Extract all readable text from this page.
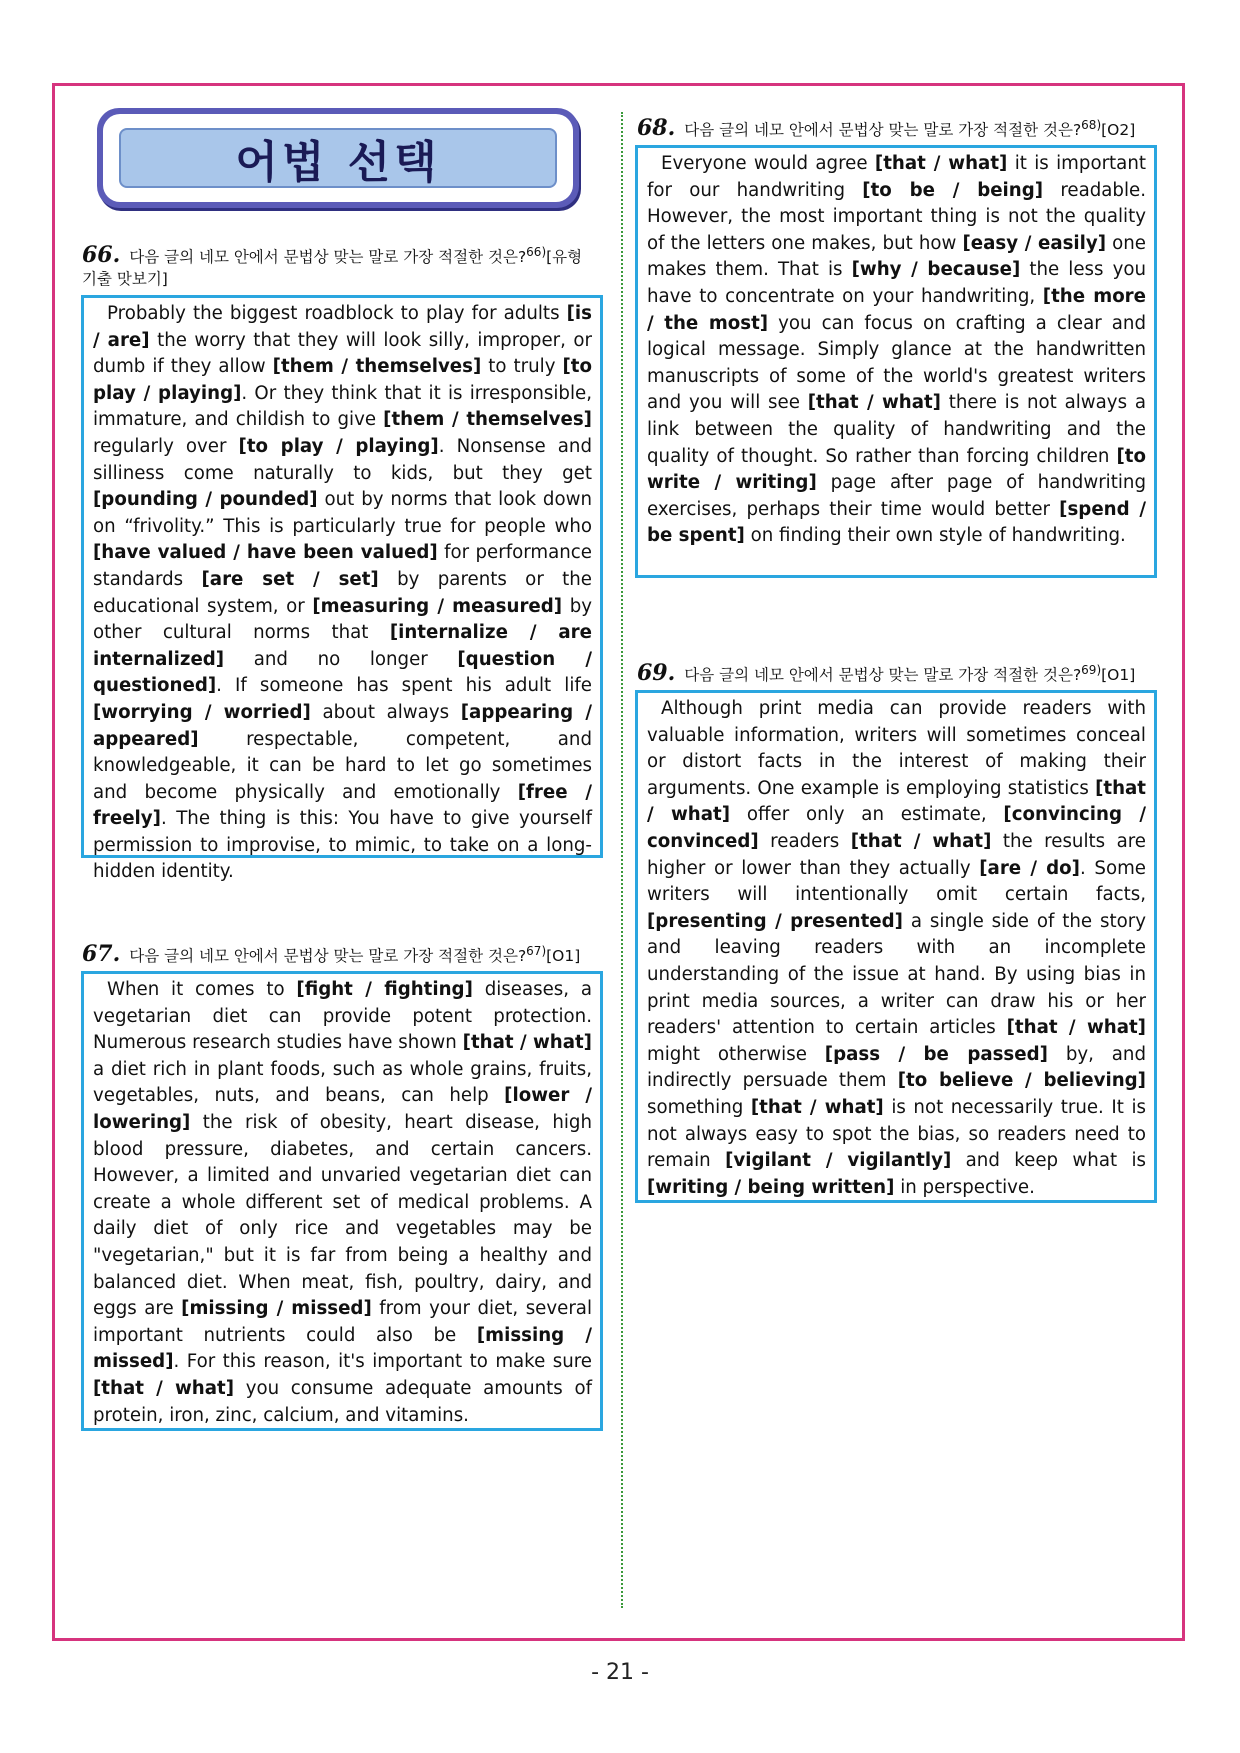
어법 선택
66. 다음 글의 네모 안에서 문법상 맞는 말로 가장 적절한 것은?$^{66)}$[유형 기출 맛보기]

Probably the biggest roadblock to play for adults [is / are] the worry that they will look silly, improper, or dumb if they allow [them / themselves] to truly [to play / playing]. Or they think that it is irresponsible, immature, and childish to give [them / themselves] regularly over [to play / playing]. Nonsense and silliness come naturally to kids, but they get [pounding / pounded] out by norms that look down on “frivolity.” This is particularly true for people who [have valued / have been valued] for performance standards [are set / set] by parents or the educational system, or [measuring / measured] by other cultural norms that [internalize / are internalized] and no longer [question / questioned]. If someone has spent his adult life [worrying / worried] about always [appearing / appeared] respectable, competent, and knowledgeable, it can be hard to let go sometimes and become physically and emotionally [free / freely]. The thing is this: You have to give yourself permission to improvise, to mimic, to take on a long-hidden identity.

67. 다음 글의 네모 안에서 문법상 맞는 말로 가장 적절한 것은?$^{67)}$[O1]

When it comes to [fight / fighting] diseases, a vegetarian diet can provide potent protection. Numerous research studies have shown [that / what] a diet rich in plant foods, such as whole grains, fruits, vegetables, nuts, and beans, can help [lower / lowering] the risk of obesity, heart disease, high blood pressure, diabetes, and certain cancers. However, a limited and unvaried vegetarian diet can create a whole different set of medical problems. A daily diet of only rice and vegetables may be "vegetarian," but it is far from being a healthy and balanced diet. When meat, fish, poultry, dairy, and eggs are [missing / missed] from your diet, several important nutrients could also be [missing / missed]. For this reason, it's important to make sure [that / what] you consume adequate amounts of protein, iron, zinc, calcium, and vitamins.

68. 다음 글의 네모 안에서 문법상 맞는 말로 가장 적절한 것은?$^{68)}$[O2]

Everyone would agree [that / what] it is important for our handwriting [to be / being] readable. However, the most important thing is not the quality of the letters one makes, but how [easy / easily] one makes them. That is [why / because] the less you have to concentrate on your handwriting, [the more / the most] you can focus on crafting a clear and logical message. Simply glance at the handwritten manuscripts of some of the world's greatest writers and you will see [that / what] there is not always a link between the quality of handwriting and the quality of thought. So rather than forcing children [to write / writing] page after page of handwriting exercises, perhaps their time would better [spend / be spent] on finding their own style of handwriting.

69. 다음 글의 네모 안에서 문법상 맞는 말로 가장 적절한 것은?$^{69)}$[O1]

Although print media can provide readers with valuable information, writers will sometimes conceal or distort facts in the interest of making their arguments. One example is employing statistics [that / what] offer only an estimate, [convincing / convinced] readers [that / what] the results are higher or lower than they actually [are / do]. Some writers will intentionally omit certain facts, [presenting / presented] a single side of the story and leaving readers with an incomplete understanding of the issue at hand. By using bias in print media sources, a writer can draw his or her readers' attention to certain articles [that / what] might otherwise [pass / be passed] by, and indirectly persuade them [to believe / believing] something [that / what] is not necessarily true. It is not always easy to spot the bias, so readers need to remain [vigilant / vigilantly] and keep what is [writing / being written] in perspective.

- 21 -
